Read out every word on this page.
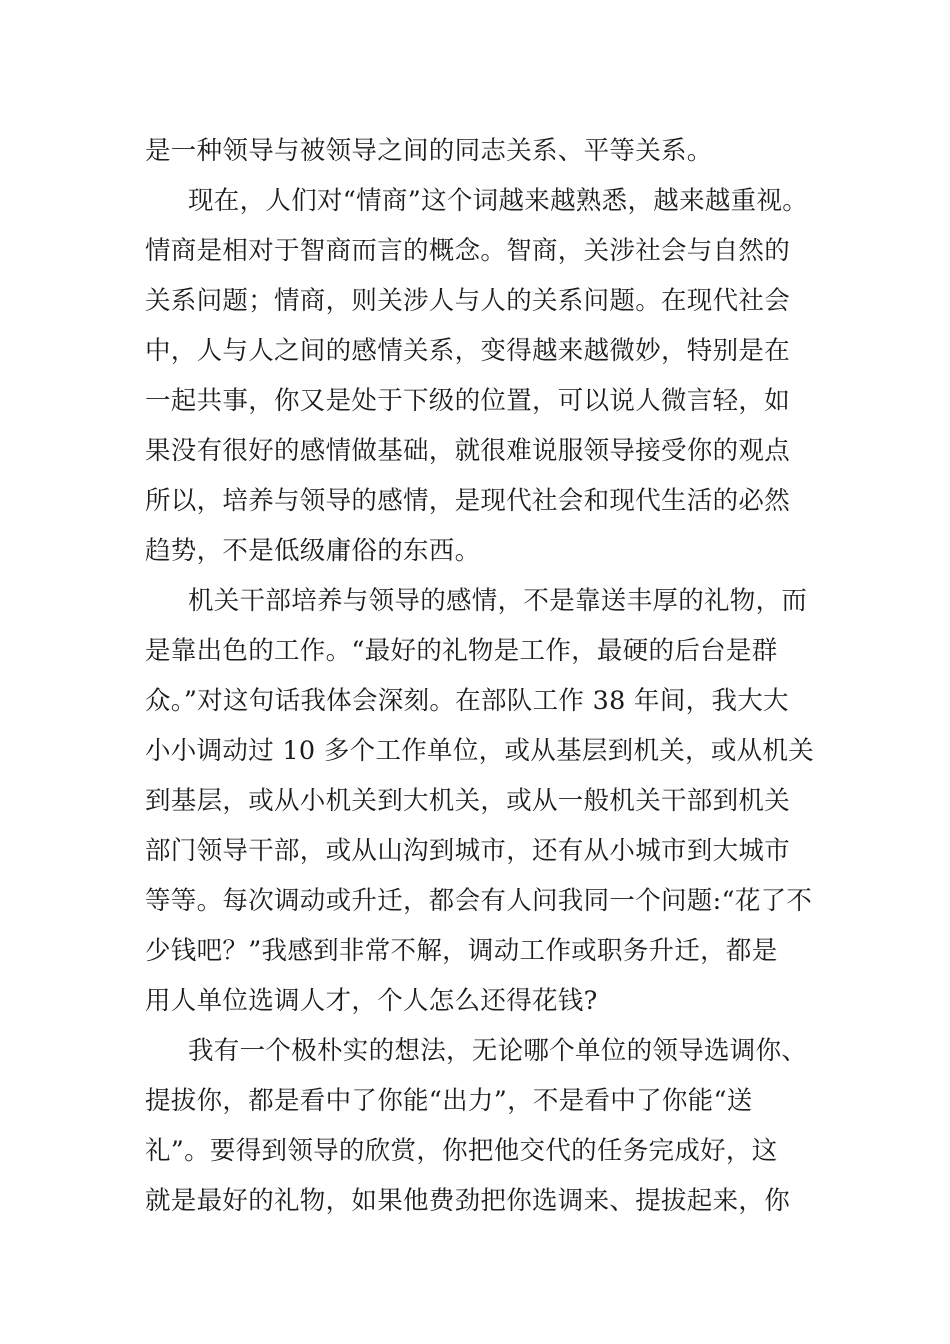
是一种领导与被领导之间的同志关系、平等关系。
现在，人们对“情商”这个词越来越熟悉，越来越重视。
情商是相对于智商而言的概念。智商，关涉社会与自然的
关系问题；情商，则关涉人与人的关系问题。在现代社会
中，人与人之间的感情关系，变得越来越微妙，特别是在
一起共事，你又是处于下级的位置，可以说人微言轻，如
果没有很好的感情做基础，就很难说服领导接受你的观点
所以，培养与领导的感情，是现代社会和现代生活的必然
趋势，不是低级庸俗的东西。
机关干部培养与领导的感情，不是靠送丰厚的礼物，而
是靠出色的工作。“最好的礼物是工作，最硬的后台是群
众。”对这句话我体会深刻。在部队工作 38 年间，我大大
小小调动过 10 多个工作单位，或从基层到机关，或从机关
到基层，或从小机关到大机关，或从一般机关干部到机关
部门领导干部，或从山沟到城市，还有从小城市到大城市
等等。每次调动或升迁，都会有人问我同一个问题:“花了不
少钱吧？”我感到非常不解，调动工作或职务升迁，都是
用人单位选调人才，个人怎么还得花钱?
我有一个极朴实的想法，无论哪个单位的领导选调你、
提拔你，都是看中了你能“出力”，不是看中了你能“送
礼”。要得到领导的欣赏，你把他交代的任务完成好，这
就是最好的礼物，如果他费劲把你选调来、提拔起来，你
